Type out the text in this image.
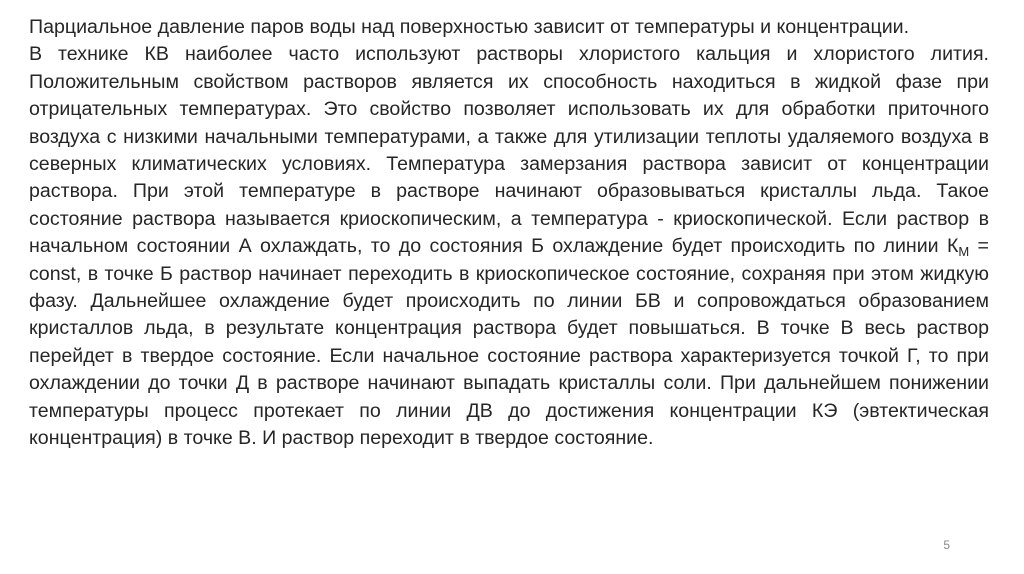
Парциальное давление паров воды над поверхностью зависит от температуры и концентрации.
В технике КВ наиболее часто используют растворы хлористого кальция и хлористого лития. Положительным свойством растворов является их способность находиться в жидкой фазе при отрицательных температурах. Это свойство позволяет использовать их для обработки приточного воздуха с низкими начальными температурами, а также для утилизации теплоты удаляемого воздуха в северных климатических условиях. Температура замерзания раствора зависит от концентрации раствора. При этой температуре в растворе начинают образовываться кристаллы льда. Такое состояние раствора называется криоскопическим, а температура - криоскопической. Если раствор в начальном состоянии А охлаждать, то до состояния Б охлаждение будет происходить по линии $К_М$ = const, в точке Б раствор начинает переходить в криоскопическое состояние, сохраняя при этом жидкую фазу. Дальнейшее охлаждение будет происходить по линии БВ и сопровождаться образованием кристаллов льда, в результате концентрация раствора будет повышаться. В точке В весь раствор перейдет в твердое состояние. Если начальное состояние раствора характеризуется точкой Г, то при охлаждении до точки Д в растворе начинают выпадать кристаллы соли. При дальнейшем понижении температуры процесс протекает по линии ДВ до достижения концентрации КЭ (эвтектическая концентрация) в точке В. И раствор переходит в твердое состояние.
5
